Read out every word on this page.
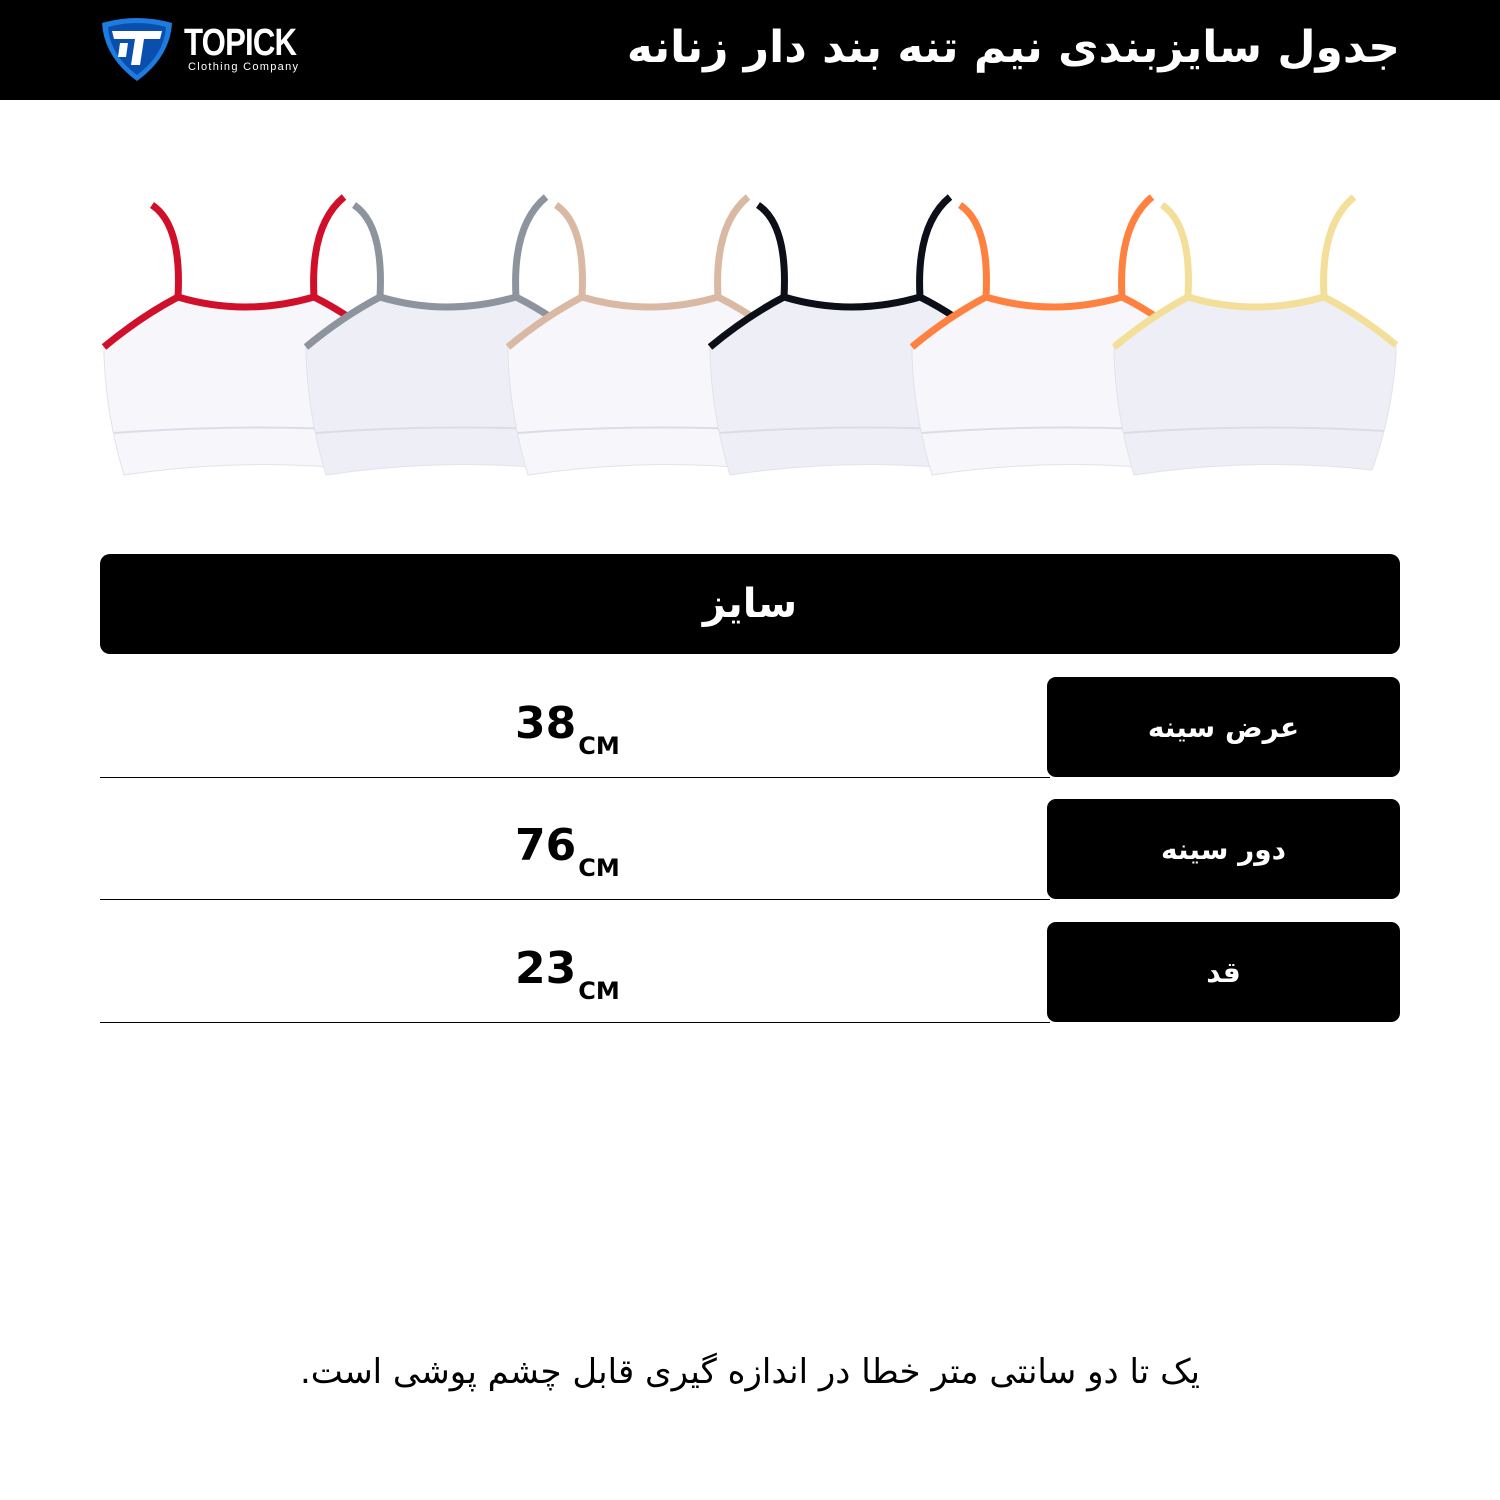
TOPICK
Clothing Company	جدول سایزبندی نیم تنه بند دار زنانه
سایز
38CM
عرض سینه
76CM
دور سینه
23CM
قد
یک تا دو سانتی متر خطا در اندازه گیری قابل چشم پوشی است.
